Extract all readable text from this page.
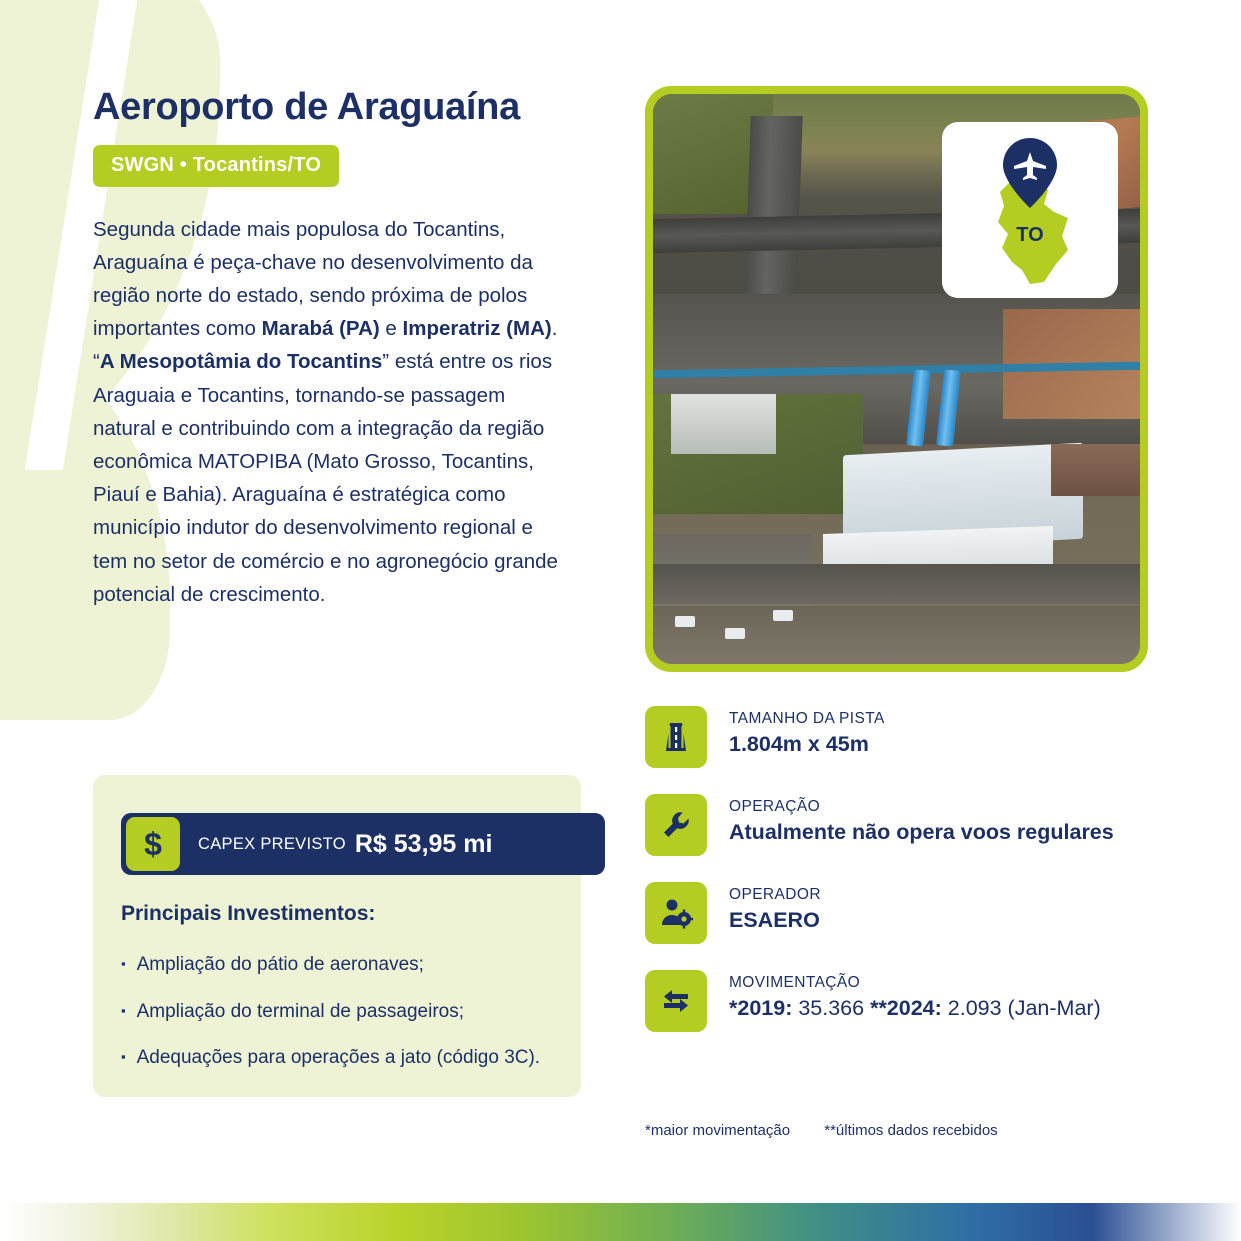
Aeroporto de Araguaína
SWGN • Tocantins/TO
Segunda cidade mais populosa do Tocantins, Araguaína é peça-chave no desenvolvimento da região norte do estado, sendo próxima de polos importantes como Marabá (PA) e Imperatriz (MA). “A Mesopotâmia do Tocantins” está entre os rios Araguaia e Tocantins, tornando-se passagem natural e contribuindo com a integração da região econômica MATOPIBA (Mato Grosso, Tocantins, Piauí e Bahia). Araguaína é estratégica como município indutor do desenvolvimento regional e tem no setor de comércio e no agronegócio grande potencial de crescimento.
$	CAPEX PREVISTO R$ 53,95 mi
Principais Investimentos:
▪ Ampliação do pátio de aeronaves;
▪ Ampliação do terminal de passageiros;
▪ Adequações para operações a jato (código 3C).
TO
TAMANHO DA PISTA
1.804m x 45m
OPERAÇÃO
Atualmente não opera voos regulares
OPERADOR
ESAERO
MOVIMENTAÇÃO
*2019: 35.366 **2024: 2.093 (Jan-Mar)
*maior movimentação **últimos dados recebidos
